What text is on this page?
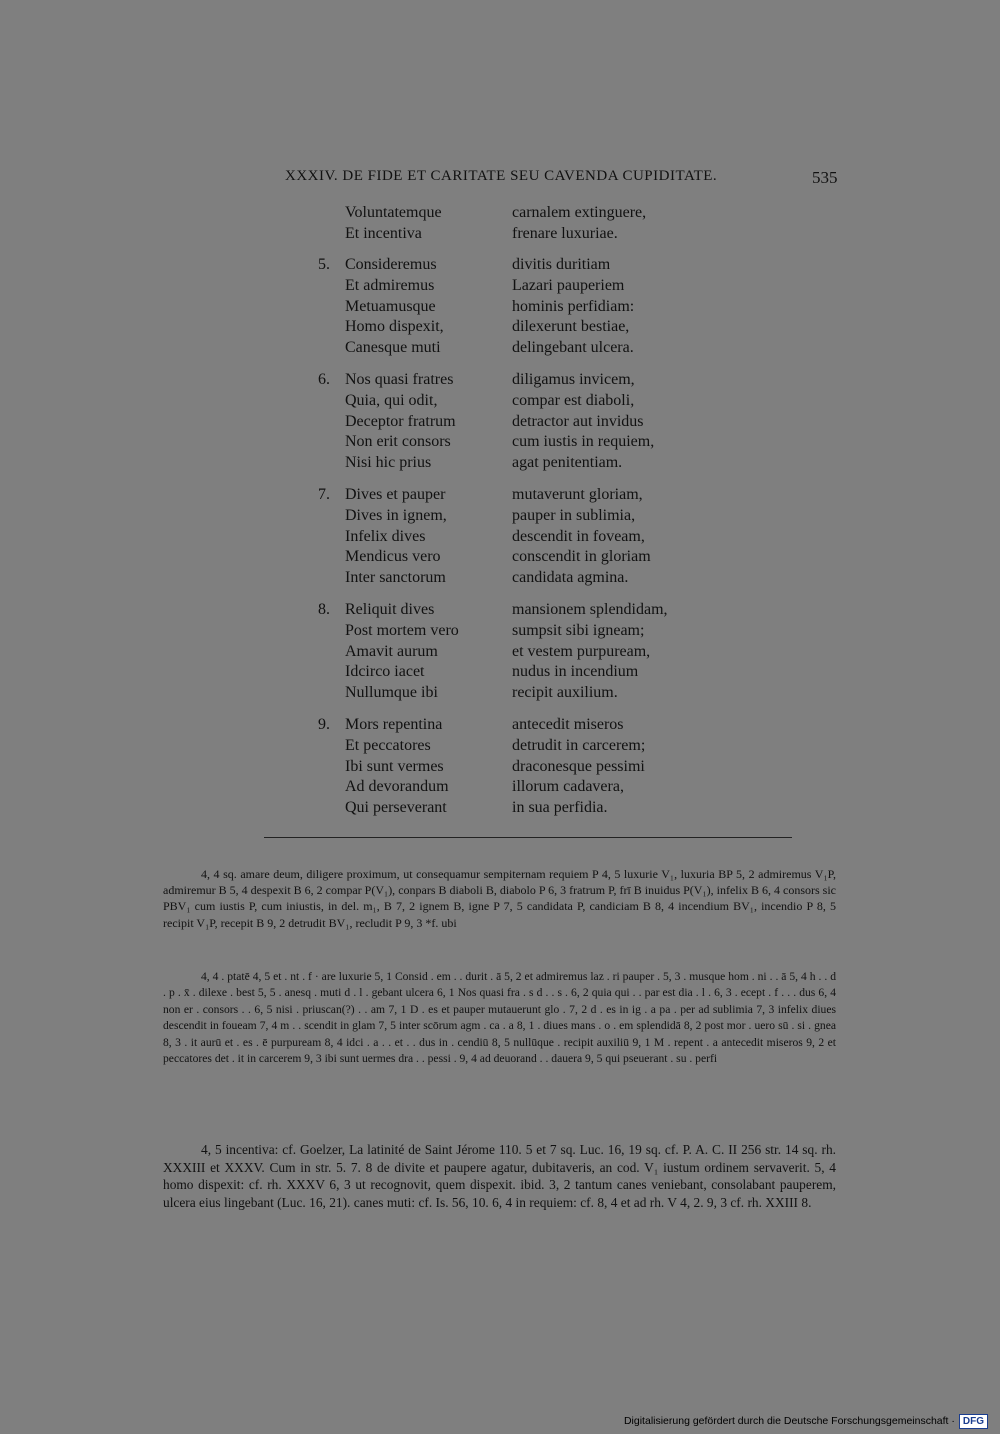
XXXIV. DE FIDE ET CARITATE SEU CAVENDA CUPIDITATE.	535
Voluntatemque	carnalem extinguere,
Et incentiva	frenare luxuriae.
5. Consideremus	divitis duritiam
Et admiremus	Lazari pauperiem
Metuamusque	hominis perfidiam:
Homo dispexit,	dilexerunt bestiae,
Canesque muti	delingebant ulcera.
6. Nos quasi fratres	diligamus invicem,
Quia, qui odit,	compar est diaboli,
Deceptor fratrum	detractor aut invidus
Non erit consors	cum iustis in requiem,
Nisi hic prius	agat penitentiam.
7. Dives et pauper	mutaverunt gloriam,
Dives in ignem,	pauper in sublimia,
Infelix dives	descendit in foveam,
Mendicus vero	conscendit in gloriam
Inter sanctorum	candidata agmina.
8. Reliquit dives	mansionem splendidam,
Post mortem vero	sumpsit sibi igneam;
Amavit aurum	et vestem purpuream,
Idcirco iacet	nudus in incendium
Nullumque ibi	recipit auxilium.
9. Mors repentina	antecedit miseros
Et peccatores	detrudit in carcerem;
Ibi sunt vermes	draconesque pessimi
Ad devorandum	illorum cadavera,
Qui perseverant	in sua perfidia.

4, 4 sq. amare deum, diligere proximum, ut consequamur sempiternam requiem P 4, 5 luxurie V₁, luxuria BP 5, 2 admiremus V₁P, admiremur B 5, 4 despexit B 6, 2 compar P(V₁), conpars B diaboli B, diabolo P 6, 3 fratrum P, frī B inuidus P(V₁), infelix B 6, 4 consors sic PBV₁ cum iustis P, cum iniustis, in del. m₁, B 7, 2 ignem B, igne P 7, 5 candidata P, candiciam B 8, 4 incendium BV₁, incendio P 8, 5 recipit V₁P, recepit B 9, 2 detrudit BV₁, recludit P 9, 3 *f. ubi

4, 4 . ptatē 4, 5 et . nt . f · are luxurie 5, 1 Consid . em . . durit . ā 5, 2 et admiremus laz . ri pauper . 5, 3 . musque hom . ni . . ā 5, 4 h . . d . p . x̄ . dilexe . best 5, 5 . anesq . muti d . l . gebant ulcera 6, 1 Nos quasi fra . s d . . s . 6, 2 quia qui . . par est dia . l . 6, 3 . ecept . f . . . dus 6, 4 non er . consors . . 6, 5 nisi . priuscan(?) . . am 7, 1 D . es et pauper mutauerunt glo . 7, 2 d . es in ig . a pa . per ad sublimia 7, 3 infelix diues descendit in foueam 7, 4 m . . scendit in glam 7, 5 inter scōrum agm . ca . a 8, 1 . diues mans . o . em splendidā 8, 2 post mor . uero sū . si . gnea 8, 3 . it aurū et . es . ē purpuream 8, 4 idci . a . . et . . dus in . cendiū 8, 5 nullūque . recipit auxiliū 9, 1 M . repent . a antecedit miseros 9, 2 et peccatores det . it in carcerem 9, 3 ibi sunt uermes dra . . pessi . 9, 4 ad deuorand . . dauera 9, 5 qui pseuerant . su . perfi

4, 5 incentiva: cf. Goelzer, La latinité de Saint Jérome 110. 5 et 7 sq. Luc. 16, 19 sq. cf. P. A. C. II 256 str. 14 sq. rh. XXXIII et XXXV. Cum in str. 5. 7. 8 de divite et paupere agatur, dubitaveris, an cod. V₁ iustum ordinem servaverit. 5, 4 homo dispexit: cf. rh. XXXV 6, 3 ut recognovit, quem dispexit. ibid. 3, 2 tantum canes veniebant, consolabant pauperem, ulcera eius lingebant (Luc. 16, 21). canes muti: cf. Is. 56, 10. 6, 4 in requiem: cf. 8, 4 et ad rh. V 4, 2. 9, 3 cf. rh. XXIII 8.

Digitalisierung gefördert durch die Deutsche Forschungsgemeinschaft · DFG
